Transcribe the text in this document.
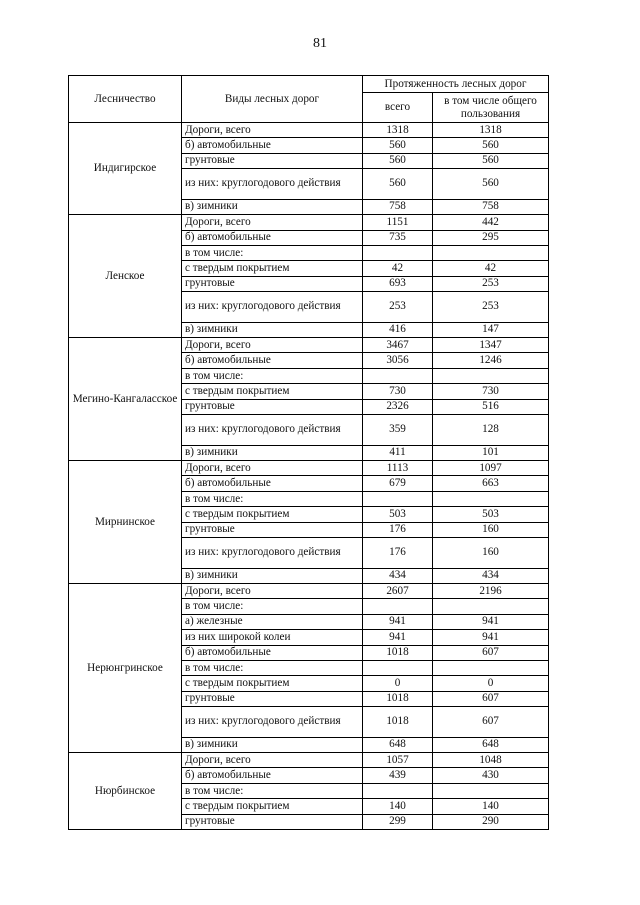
81
Лесничество	Виды лесных дорог	Протяженность лесных дорог	
		всего	в том числе общего пользования
Индигирское	Дороги, всего	1318	1318
	б) автомобильные	560	560
	грунтовые	560	560
	из них: круглогодового действия	560	560
	в) зимники	758	758
Ленское	Дороги, всего	1151	442
	б) автомобильные	735	295
	в том числе:		
	с твердым покрытием	42	42
	грунтовые	693	253
	из них: круглогодового действия	253	253
	в) зимники	416	147
Мегино-Кангаласское	Дороги, всего	3467	1347
	б) автомобильные	3056	1246
	в том числе:		
	с твердым покрытием	730	730
	грунтовые	2326	516
	из них: круглогодового действия	359	128
	в) зимники	411	101
Мирнинское	Дороги, всего	1113	1097
	б) автомобильные	679	663
	в том числе:		
	с твердым покрытием	503	503
	грунтовые	176	160
	из них: круглогодового действия	176	160
	в) зимники	434	434
Нерюнгринское	Дороги, всего	2607	2196
	в том числе:		
	а) железные	941	941
	из них широкой колеи	941	941
	б) автомобильные	1018	607
	в том числе:		
	с твердым покрытием	0	0
	грунтовые	1018	607
	из них: круглогодового действия	1018	607
	в) зимники	648	648
Нюрбинское	Дороги, всего	1057	1048
	б) автомобильные	439	430
	в том числе:		
	с твердым покрытием	140	140
	грунтовые	299	290
